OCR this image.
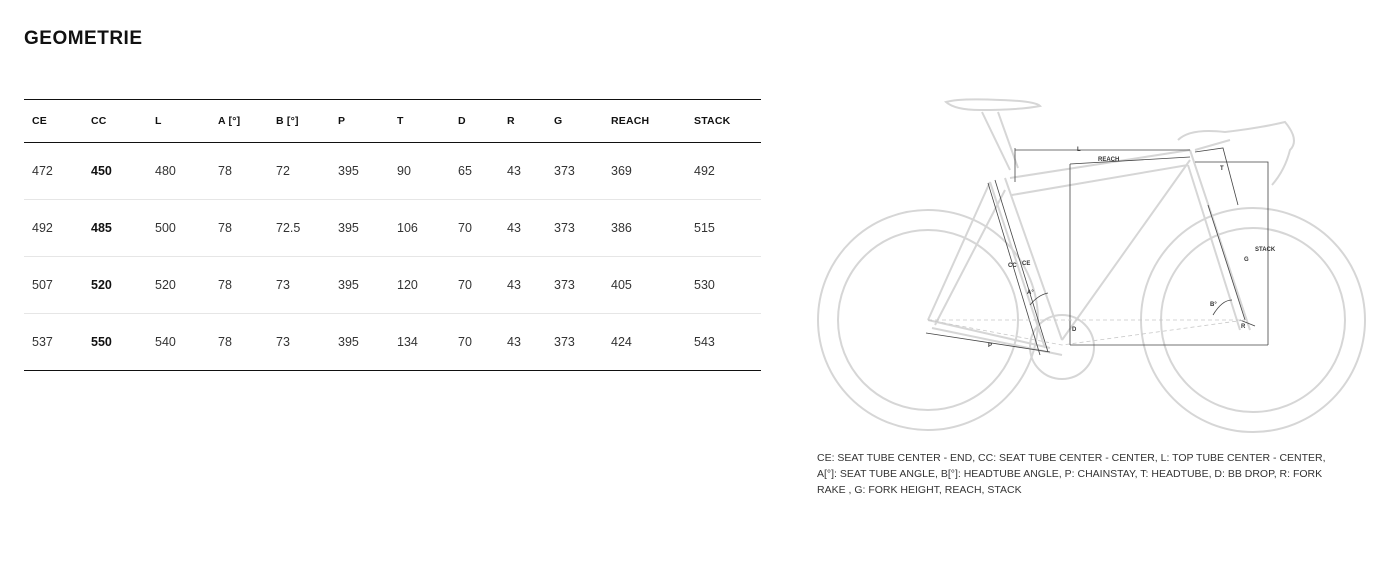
GEOMETRIE
CE	CC	L	A [°]	B [°]	P	T	D	R	G	REACH	STACK
472	450	480	78	72	395	90	65	43	373	369	492
492	485	500	78	72.5	395	106	70	43	373	386	515
507	520	520	78	73	395	120	70	43	373	405	530
537	550	540	78	73	395	134	70	43	373	424	543
L
REACH
T
STACK
G
CC CE
A°
B°
R
D
P
CE: SEAT TUBE CENTER - END, CC: SEAT TUBE CENTER - CENTER, L: TOP TUBE CENTER - CENTER, A[°]: SEAT TUBE ANGLE, B[°]: HEADTUBE ANGLE, P: CHAINSTAY, T: HEADTUBE, D: BB DROP, R: FORK RAKE , G: FORK HEIGHT, REACH, STACK
